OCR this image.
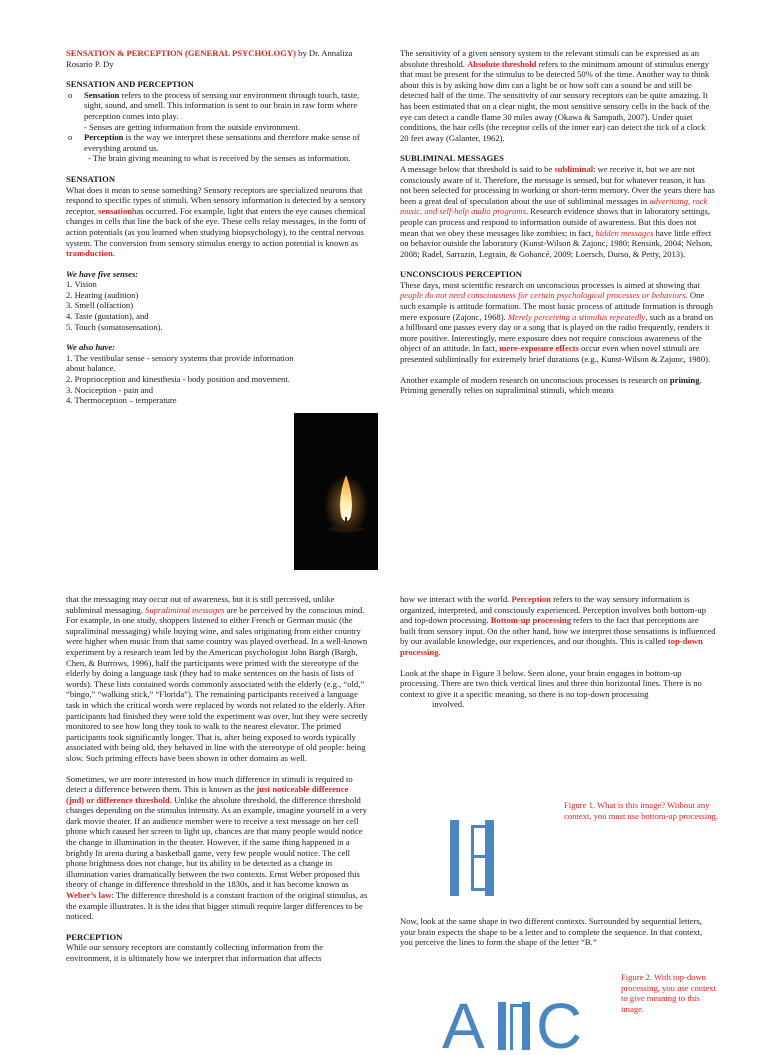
SENSATION & PERCEPTION (GENERAL PSYCHOLOGY) by Dr. Annaliza Rosario P. Dy

SENSATION AND PERCEPTION

o Sensation refers to the process of sensing our environment through touch, taste, sight, sound, and smell. This information is sent to our brain in raw form where perception comes into play.
- Senses are getting information from the outside environment.
o Perception is the way we interpret these sensations and therefore make sense of everything around us.
- The brain giving meaning to what is received by the senses as information.

SENSATION

What does it mean to sense something? Sensory receptors are specialized neurons that respond to specific types of stimuli. When sensory information is detected by a sensory receptor, sensationhas occurred. For example, light that enters the eye causes chemical changes in cells that line the back of the eye. These cells relay messages, in the form of action potentials (as you learned when studying biopsychology), to the central nervous system. The conversion from sensory stimulus energy to action potential is known as transduction.

We have five senses:

1. Vision
2. Hearing (audition)
3. Smell (olfaction)
4. Taste (gustation), and
5. Touch (somatosensation).

We also have:

1. The vestibular sense - sensory systems that provide information about balance.
2. Proprioception and kinesthesia - body position and movement.
3. Nociception - pain and
4. Thermoception – temperature

The sensitivity of a given sensory system to the relevant stimuli can be expressed as an absolute threshold. Absolute threshold refers to the minimum amount of stimulus energy that must be present for the stimulus to be detected 50% of the time. Another way to think about this is by asking how dim can a light be or how soft can a sound be and still be detected half of the time. The sensitivity of our sensory receptors can be quite amazing. It has been estimated that on a clear night, the most sensitive sensory cells in the back of the eye can detect a candle flame 30 miles away (Okawa & Sampath, 2007). Under quiet conditions, the hair cells (the receptor cells of the inner ear) can detect the tick of a clock 20 feet away (Galanter, 1962).

SUBLIMINAL MESSAGES

A message below that threshold is said to be subliminal: we receive it, but we are not consciously aware of it. Therefore, the message is sensed, but for whatever reason, it has not been selected for processing in working or short-term memory. Over the years there has been a great deal of speculation about the use of subliminal messages in advertising, rock music, and self-help audio programs. Research evidence shows that in laboratory settings, people can process and respond to information outside of awareness. But this does not mean that we obey these messages like zombies; in fact, hidden messages have little effect on behavior outside the laboratory (Kunst-Wilson & Zajonc, 1980; Rensink, 2004; Nelson, 2008; Radel, Sarrazin, Legrain, & Gobancé, 2009; Loersch, Durso, & Petty, 2013).

UNCONSCIOUS PERCEPTION

These days, most scientific research on unconscious processes is aimed at showing that people do not need consciousness for certain psychological processes or behaviors. One such example is attitude formation. The most basic process of attitude formation is through mere exposure (Zajonc, 1968). Merely perceiving a stimulus repeatedly, such as a brand on a billboard one passes every day or a song that is played on the radio frequently, renders it more positive. Interestingly, mere exposure does not require conscious awareness of the object of an attitude. In fact, mere-exposure effects occur even when novel stimuli are presented subliminally for extremely brief durations (e.g., Kunst-Wilson & Zajonc, 1980).

Another example of modern research on unconscious processes is research on priming. Priming generally relies on supraliminal stimuli, which means

that the messaging may occur out of awareness, but it is still perceived, unlike subliminal messaging. Supraliminal messages are be perceived by the conscious mind. For example, in one study, shoppers listened to either French or German music (the supraliminal messaging) while buying wine, and sales originating from either country were higher when music from that same country was played overhead. In a well-known experiment by a research team led by the American psychologist John Bargh (Bargh, Chen, & Burrows, 1996), half the participants were primed with the stereotype of the elderly by doing a language task (they had to make sentences on the basis of lists of words). These lists contained words commonly associated with the elderly (e.g., “old,” “bingo,” “walking stick,” “Florida”). The remaining participants received a language task in which the critical words were replaced by words not related to the elderly. After participants had finished they were told the experiment was over, but they were secretly monitored to see how long they took to walk to the nearest elevator. The primed participants took significantly longer. That is, after being exposed to words typically associated with being old, they behaved in line with the stereotype of old people: being slow. Such priming effects have been shown in other domains as well.

Sometimes, we are more interested in how much difference in stimuli is required to detect a difference between them. This is known as the just noticeable difference (jnd) or difference threshold. Unlike the absolute threshold, the difference threshold changes depending on the stimulus intensity. As an example, imagine yourself in a very dark movie theater. If an audience member were to receive a text message on her cell phone which caused her screen to light up, chances are that many people would notice the change in illumination in the theater. However, if the same thing happened in a brightly lit arena during a basketball game, very few people would notice. The cell phone brightness does not change, but its ability to be detected as a change in illumination varies dramatically between the two contexts. Ernst Weber proposed this theory of change in difference threshold in the 1830s, and it has become known as Weber’s law: The difference threshold is a constant fraction of the original stimulus, as the example illustrates. It is the idea that bigger stimuli require larger differences to be noticed.

PERCEPTION

While our sensory receptors are constantly collecting information from the environment, it is ultimately how we interpret that information that affects

how we interact with the world. Perception refers to the way sensory information is organized, interpreted, and consciously experienced. Perception involves both bottom-up and top-down processing. Bottom-up processing refers to the fact that perceptions are built from sensory input. On the other hand, how we interpret those sensations is influenced by our available knowledge, our experiences, and our thoughts. This is called top-down processing.

Look at the shape in Figure 3 below. Seen alone, your brain engages in bottom-up processing. There are two thick vertical lines and three thin horizontal lines. There is no context to give it a specific meaning, so there is no top-down processing

involved.

Figure 1. What is this image? Without any context, you must use bottom-up processing.

Now, look at the same shape in two different contexts. Surrounded by sequential letters, your brain expects the shape to be a letter and to complete the sequence. In that context, you perceive the lines to form the shape of the letter “B.”

A C
Figure 2. With top-down processing, you use context to give meaning to this image.
